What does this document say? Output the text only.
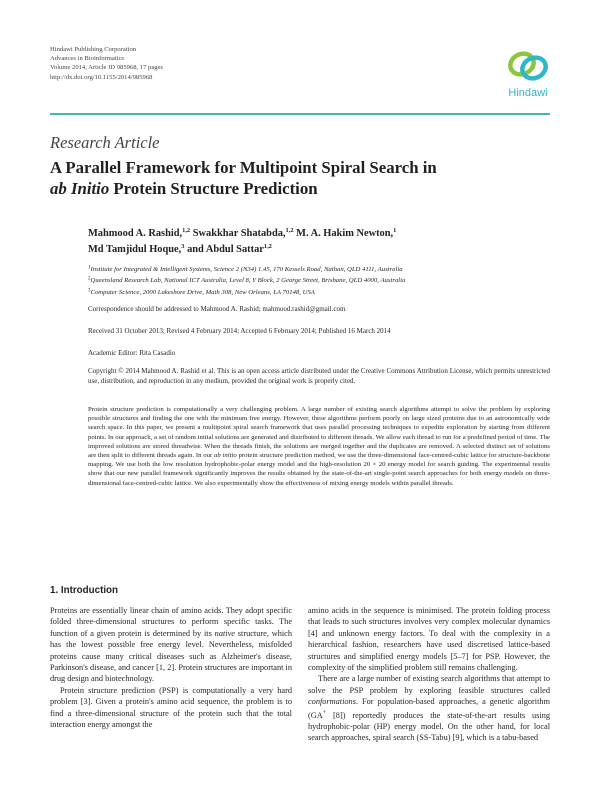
Hindawi Publishing Corporation
Advances in Bioinformatics
Volume 2014, Article ID 985968, 17 pages
http://dx.doi.org/10.1155/2014/985968
Hindawi
Research Article
A Parallel Framework for Multipoint Spiral Search in
ab Initio Protein Structure Prediction
Mahmood A. Rashid,$^{1,2}$ Swakkhar Shatabda,$^{1,2}$ M. A. Hakim Newton,$^1$
Md Tamjidul Hoque,$^3$ and Abdul Sattar$^{1,2}$
$^1$Institute for Integrated & Intelligent Systems, Science 2 (N34) 1.45, 170 Kessels Road, Nathan, QLD 4111, Australia
$^2$Queensland Research Lab, National ICT Australia, Level 8, Y Block, 2 George Street, Brisbane, QLD 4000, Australia
$^3$Computer Science, 2000 Lakeshore Drive, Math 308, New Orleans, LA 70148, USA
Correspondence should be addressed to Mahmood A. Rashid; mahmood.rashid@gmail.com
Received 31 October 2013; Revised 4 February 2014; Accepted 6 February 2014; Published 16 March 2014
Academic Editor: Rita Casadio
Copyright © 2014 Mahmood A. Rashid et al. This is an open access article distributed under the Creative Commons Attribution License, which permits unrestricted use, distribution, and reproduction in any medium, provided the original work is properly cited.
Protein structure prediction is computationally a very challenging problem. A large number of existing search algorithms attempt to solve the problem by exploring possible structures and finding the one with the minimum free energy. However, these algorithms perform poorly on large sized proteins due to an astronomically wide search space. In this paper, we present a multipoint spiral search framework that uses parallel processing techniques to expedite exploration by starting from different points. In our approach, a set of random initial solutions are generated and distributed to different threads. We allow each thread to run for a predefined period of time. The improved solutions are stored threadwise. When the threads finish, the solutions are merged together and the duplicates are removed. A selected distinct set of solutions are then split to different threads again. In our ab initio protein structure prediction method, we use the three-dimensional face-centred-cubic lattice for structure-backbone mapping. We use both the low resolution hydrophobic-polar energy model and the high-resolution 20 × 20 energy model for search guiding. The experimental results show that our new parallel framework significantly improves the results obtained by the state-of-the-art single-point search approaches for both energy models on three-dimensional face-centred-cubic lattice. We also experimentally show the effectiveness of mixing energy models within parallel threads.
1. Introduction

Proteins are essentially linear chain of amino acids. They adopt specific folded three-dimensional structures to perform specific tasks. The function of a given protein is determined by its native structure, which has the lowest possible free energy level. Nevertheless, misfolded proteins cause many critical diseases such as Alzheimer's disease, Parkinson's disease, and cancer [1, 2]. Protein structures are important in drug design and biotechnology.

Protein structure prediction (PSP) is computationally a very hard problem [3]. Given a protein's amino acid sequence, the problem is to find a three-dimensional structure of the protein such that the total interaction energy amongst the

amino acids in the sequence is minimised. The protein folding process that leads to such structures involves very complex molecular dynamics [4] and unknown energy factors. To deal with the complexity in a hierarchical fashion, researchers have used discretised lattice-based structures and simplified energy models [5–7] for PSP. However, the complexity of the simplified problem still remains challenging.

There are a large number of existing search algorithms that attempt to solve the PSP problem by exploring feasible structures called conformations. For population-based approaches, a genetic algorithm (GA+ [8]) reportedly produces the state-of-the-art results using hydrophobic-polar (HP) energy model. On the other hand, for local search approaches, spiral search (SS-Tabu) [9], which is a tabu-based
